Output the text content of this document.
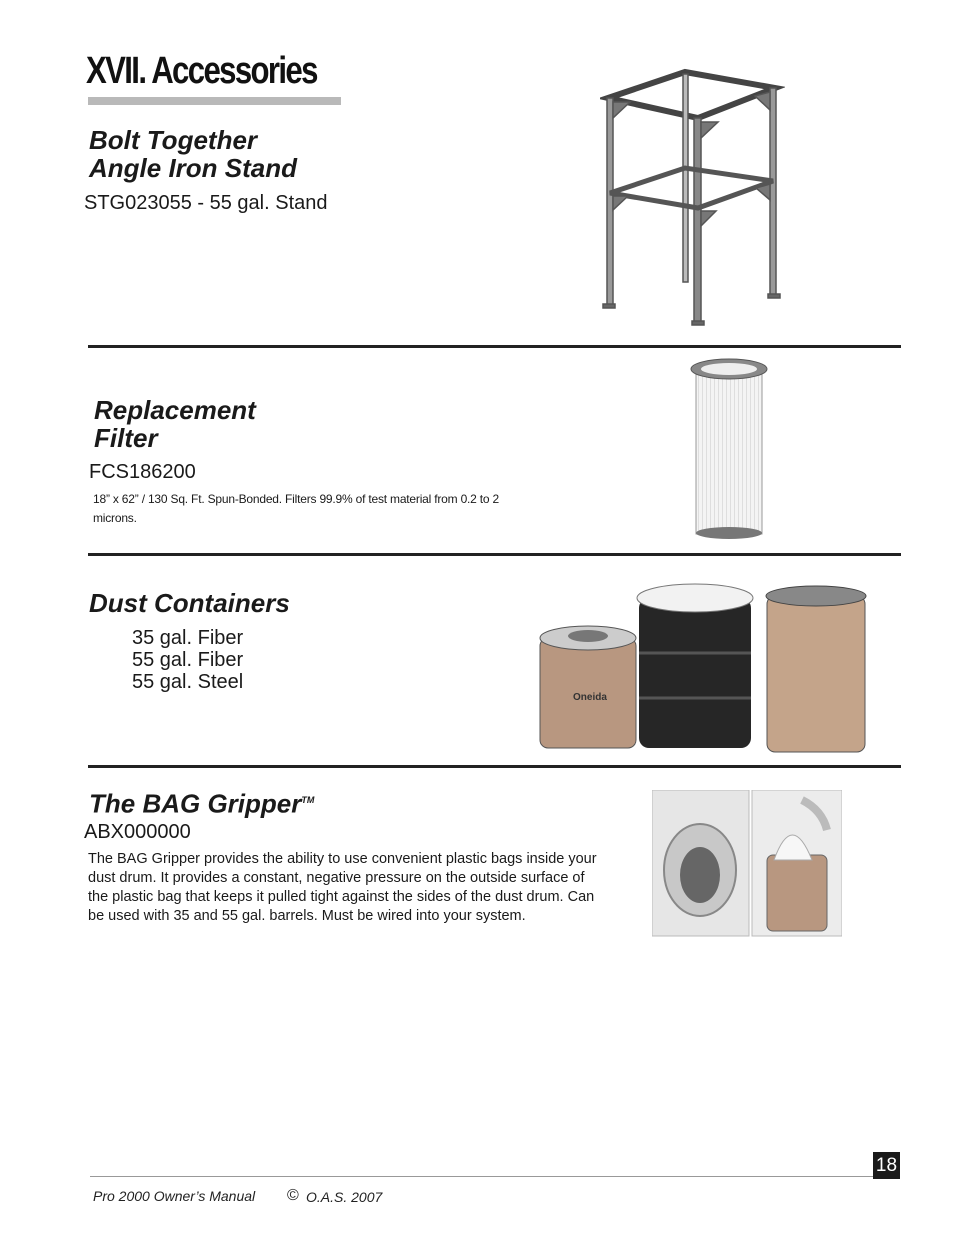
XVII. Accessories
Bolt Together
Angle Iron Stand
STG023055 - 55 gal. Stand
Replacement
Filter
FCS186200
18” x 62” / 130 Sq. Ft. Spun-Bonded. Filters 99.9% of test material from 0.2 to 2 microns.
Dust Containers
35 gal. Fiber
55 gal. Fiber
55 gal. Steel
Oneida
The BAG Gripper™
ABX000000
The BAG Gripper provides the ability to use convenient plastic bags inside your dust drum. It provides a constant, negative pressure on the outside surface of the plastic bag that keeps it pulled tight against the sides of the dust drum. Can be used with 35 and 55 gal. barrels. Must be wired into your system.
18
Pro 2000 Owner’s Manual © O.A.S. 2007
